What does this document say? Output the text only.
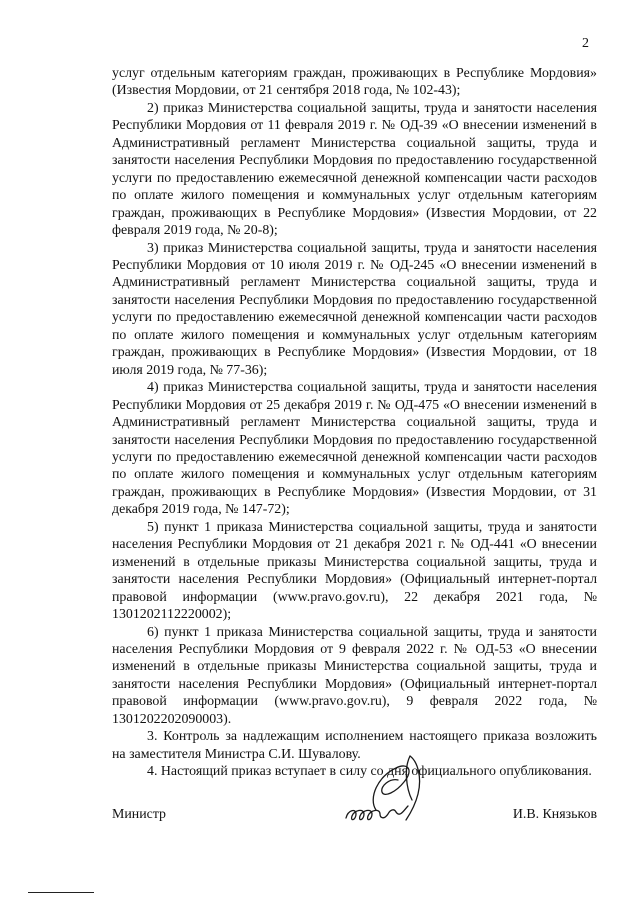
2

услуг отдельным категориям граждан, проживающих в Республике Мордовия» (Известия Мордовии, от 21 сентября 2018 года, № 102-43);

2) приказ Министерства социальной защиты, труда и занятости населения Республики Мордовия от 11 февраля 2019 г. № ОД-39 «О внесении изменений в Административный регламент Министерства социальной защиты, труда и занятости населения Республики Мордовия по предоставлению государственной услуги по предоставлению ежемесячной денежной компенсации части расходов по оплате жилого помещения и коммунальных услуг отдельным категориям граждан, проживающих в Республике Мордовия» (Известия Мордовии, от 22 февраля 2019 года, № 20-8);

3) приказ Министерства социальной защиты, труда и занятости населения Республики Мордовия от 10 июля 2019 г. № ОД-245 «О внесении изменений в Административный регламент Министерства социальной защиты, труда и занятости населения Республики Мордовия по предоставлению государственной услуги по предоставлению ежемесячной денежной компенсации части расходов по оплате жилого помещения и коммунальных услуг отдельным категориям граждан, проживающих в Республике Мордовия» (Известия Мордовии, от 18 июля 2019 года, № 77-36);

4) приказ Министерства социальной защиты, труда и занятости населения Республики Мордовия от 25 декабря 2019 г. № ОД-475 «О внесении изменений в Административный регламент Министерства социальной защиты, труда и занятости населения Республики Мордовия по предоставлению государственной услуги по предоставлению ежемесячной денежной компенсации части расходов по оплате жилого помещения и коммунальных услуг отдельным категориям граждан, проживающих в Республике Мордовия» (Известия Мордовии, от 31 декабря 2019 года, № 147-72);

5) пункт 1 приказа Министерства социальной защиты, труда и занятости населения Республики Мордовия от 21 декабря 2021 г. № ОД-441 «О внесении изменений в отдельные приказы Министерства социальной защиты, труда и занятости населения Республики Мордовия» (Официальный интернет-портал правовой информации (www.pravo.gov.ru), 22 декабря 2021 года, № 1301202112220002);

6) пункт 1 приказа Министерства социальной защиты, труда и занятости населения Республики Мордовия от 9 февраля 2022 г. № ОД-53 «О внесении изменений в отдельные приказы Министерства социальной защиты, труда и занятости населения Республики Мордовия» (Официальный интернет-портал правовой информации (www.pravo.gov.ru), 9 февраля 2022 года, № 1301202202090003).

3. Контроль за надлежащим исполнением настоящего приказа возложить на заместителя Министра С.И. Шувалову.

4. Настоящий приказ вступает в силу со дня официального опубликования.

Министр	И.В. Князьков
